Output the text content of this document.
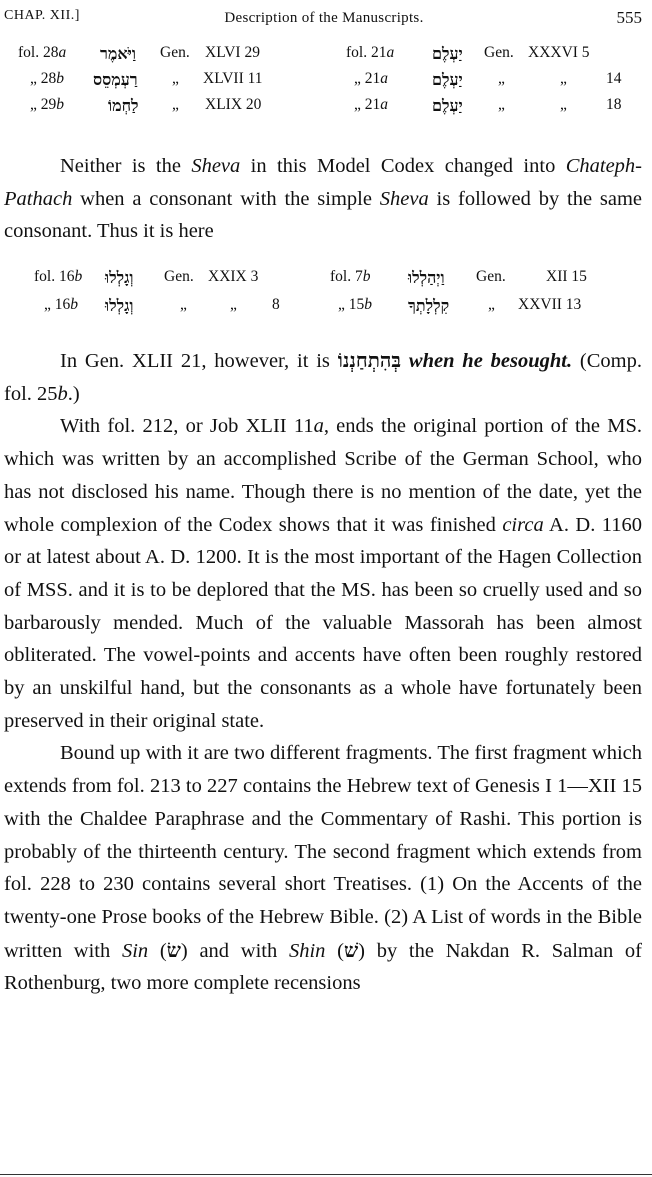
CHAP. XII.]	Description of the Manuscripts.	555
fol. 28a וַיֹּאמֶר Gen. XLVI 29	fol. 21a יַעְלֶם Gen. XXXVI 5
„ 28b רַעְמְסֵס „ XLVII 11	„ 21a	יַעְלֶם „	„	14
„ 29b	לַחְמוֹ „ XLIX 20	„ 21a	יַעְלֶם „	„	18

Neither is the Sheva in this Model Codex changed into Chateph-Pathach when a consonant with the simple Sheva is followed by the same consonant. Thus it is here

fol. 16b וְגָלְלוּ Gen. XXIX 3	fol. 7b וַיְהַלְלוּ Gen.	XII 15
„ 16b וְגָלְלוּ	„	„ 8	„ 15b קִלְלָתְךָ	„ XXVII 13

In Gen. XLII 21, however, it is בְּהִתְחַנְנוֹ when he besought. (Comp. fol. 25b.)

With fol. 212, or Job XLII 11a, ends the original portion of the MS. which was written by an accomplished Scribe of the German School, who has not disclosed his name. Though there is no mention of the date, yet the whole complexion of the Codex shows that it was finished circa A. D. 1160 or at latest about A. D. 1200. It is the most important of the Hagen Collection of MSS. and it is to be deplored that the MS. has been so cruelly used and so barbarously mended. Much of the valuable Massorah has been almost obliterated. The vowel-points and accents have often been roughly restored by an unskilful hand, but the consonants as a whole have fortunately been preserved in their original state.

Bound up with it are two different fragments. The first fragment which extends from fol. 213 to 227 contains the Hebrew text of Genesis I 1—XII 15 with the Chaldee Paraphrase and the Commentary of Rashi. This portion is probably of the thirteenth century. The second fragment which extends from fol. 228 to 230 contains several short Treatises. (1) On the Accents of the twenty-one Prose books of the Hebrew Bible. (2) A List of words in the Bible written with Sin (שׂ) and with Shin (שׁ) by the Nakdan R. Salman of Rothenburg, two more complete recensions
